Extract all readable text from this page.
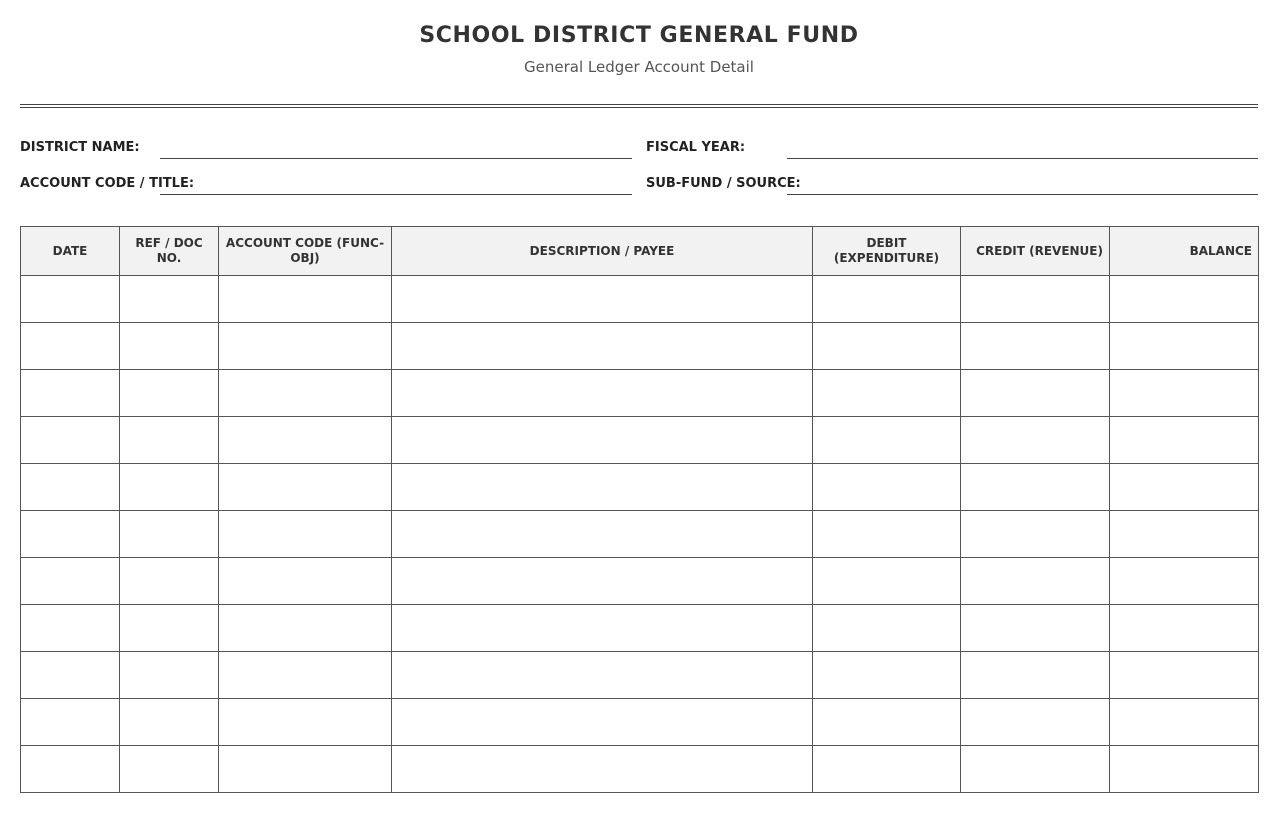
SCHOOL DISTRICT GENERAL FUND
General Ledger Account Detail
DISTRICT NAME:	FISCAL YEAR:
ACCOUNT CODE / TITLE:	SUB-FUND / SOURCE:
DATE	REF / DOC NO.	ACCOUNT CODE (FUNC-OBJ)	DESCRIPTION / PAYEE	DEBIT (EXPENDITURE)	CREDIT (REVENUE)	BALANCE
